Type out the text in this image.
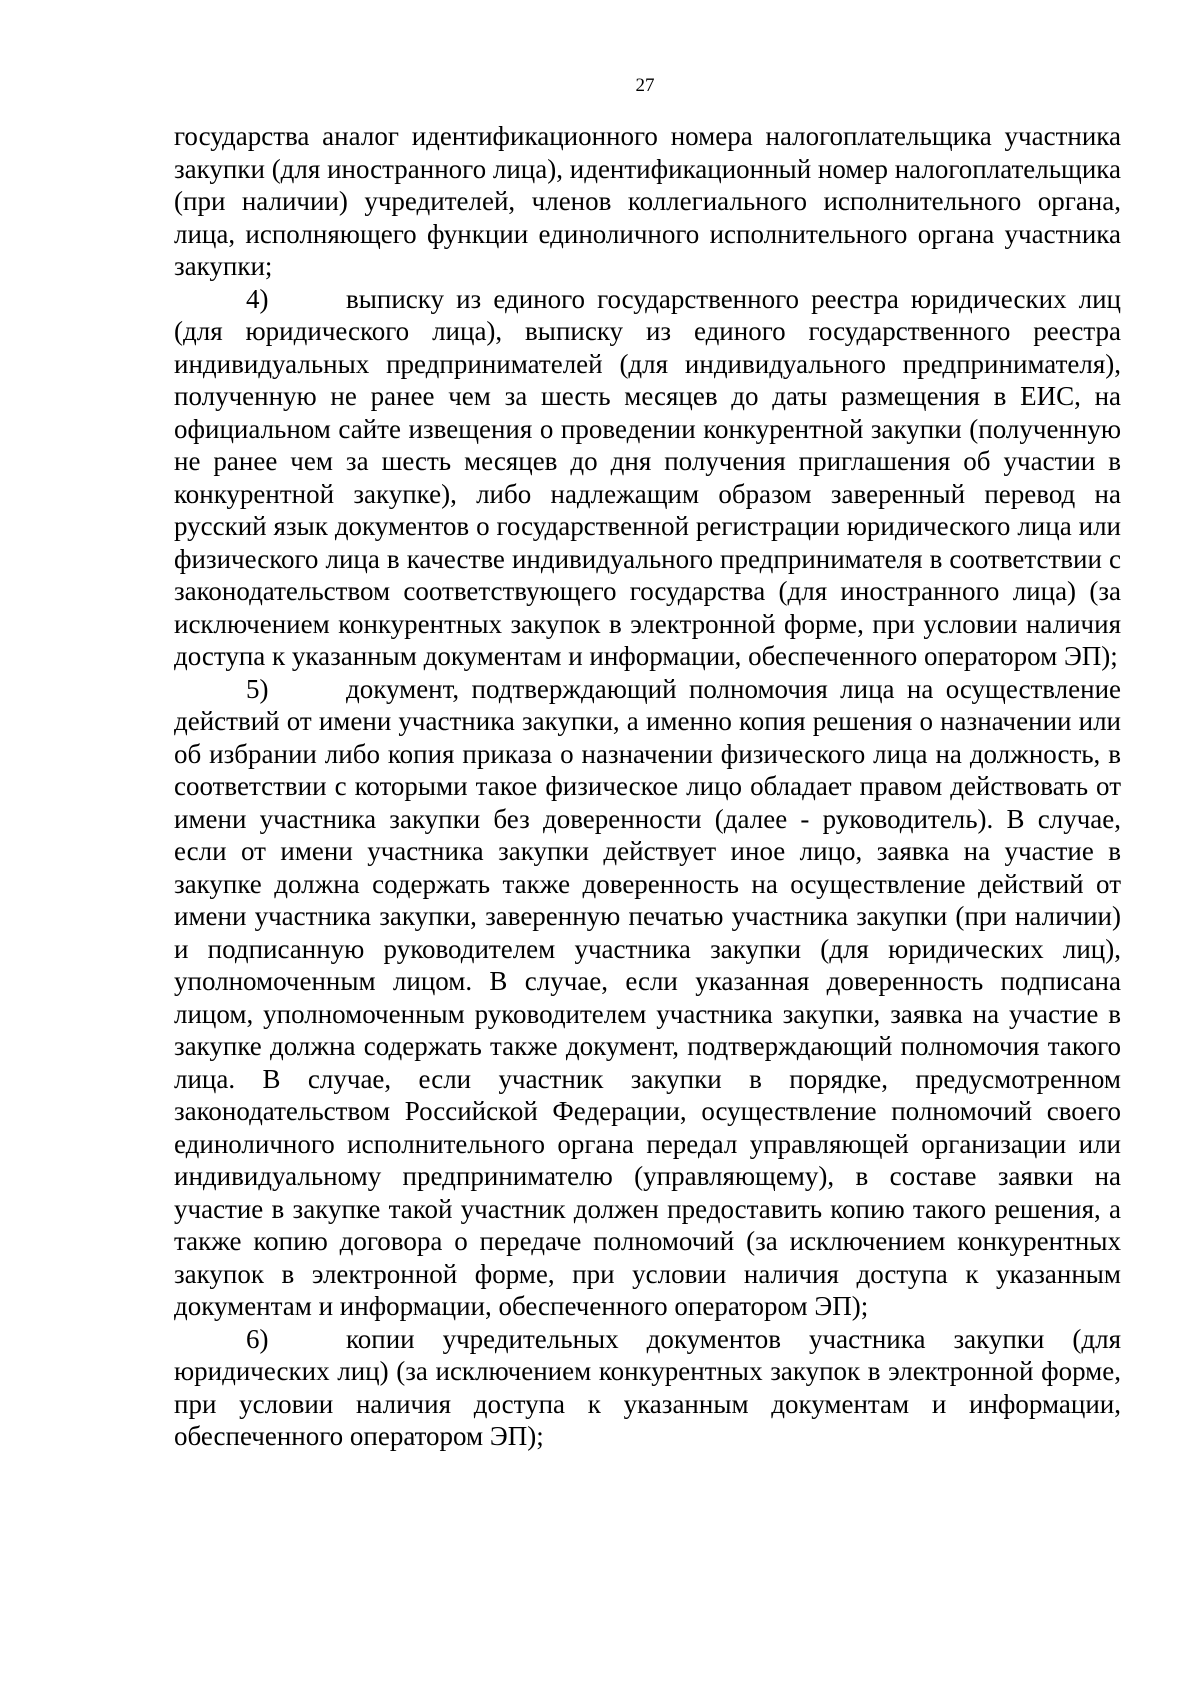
27

государства аналог идентификационного номера налогоплательщика участника закупки (для иностранного лица), идентификационный номер налогоплательщика (при наличии) учредителей, членов коллегиального исполнительного органа, лица, исполняющего функции единоличного исполнительного органа участника закупки;

4)	выписку из единого государственного реестра юридических лиц (для юридического лица), выписку из единого государственного реестра индивидуальных предпринимателей (для индивидуального предпринимателя), полученную не ранее чем за шесть месяцев до даты размещения в ЕИС, на официальном сайте извещения о проведении конкурентной закупки (полученную не ранее чем за шесть месяцев до дня получения приглашения об участии в конкурентной закупке), либо надлежащим образом заверенный перевод на русский язык документов о государственной регистрации юридического лица или физического лица в качестве индивидуального предпринимателя в соответствии с законодательством соответствующего государства (для иностранного лица) (за исключением конкурентных закупок в электронной форме, при условии наличия доступа к указанным документам и информации, обеспеченного оператором ЭП);

5)	документ, подтверждающий полномочия лица на осуществление действий от имени участника закупки, а именно копия решения о назначении или об избрании либо копия приказа о назначении физического лица на должность, в соответствии с которыми такое физическое лицо обладает правом действовать от имени участника закупки без доверенности (далее - руководитель). В случае, если от имени участника закупки действует иное лицо, заявка на участие в закупке должна содержать также доверенность на осуществление действий от имени участника закупки, заверенную печатью участника закупки (при наличии) и подписанную руководителем участника закупки (для юридических лиц), уполномоченным лицом. В случае, если указанная доверенность подписана лицом, уполномоченным руководителем участника закупки, заявка на участие в закупке должна содержать также документ, подтверждающий полномочия такого лица. В случае, если участник закупки в порядке, предусмотренном законодательством Российской Федерации, осуществление полномочий своего единоличного исполнительного органа передал управляющей организации или индивидуальному предпринимателю (управляющему), в составе заявки на участие в закупке такой участник должен предоставить копию такого решения, а также копию договора о передаче полномочий (за исключением конкурентных закупок в электронной форме, при условии наличия доступа к указанным документам и информации, обеспеченного оператором ЭП);

6)	копии учредительных документов участника закупки (для юридических лиц) (за исключением конкурентных закупок в электронной форме, при условии наличия доступа к указанным документам и информации, обеспеченного оператором ЭП);
